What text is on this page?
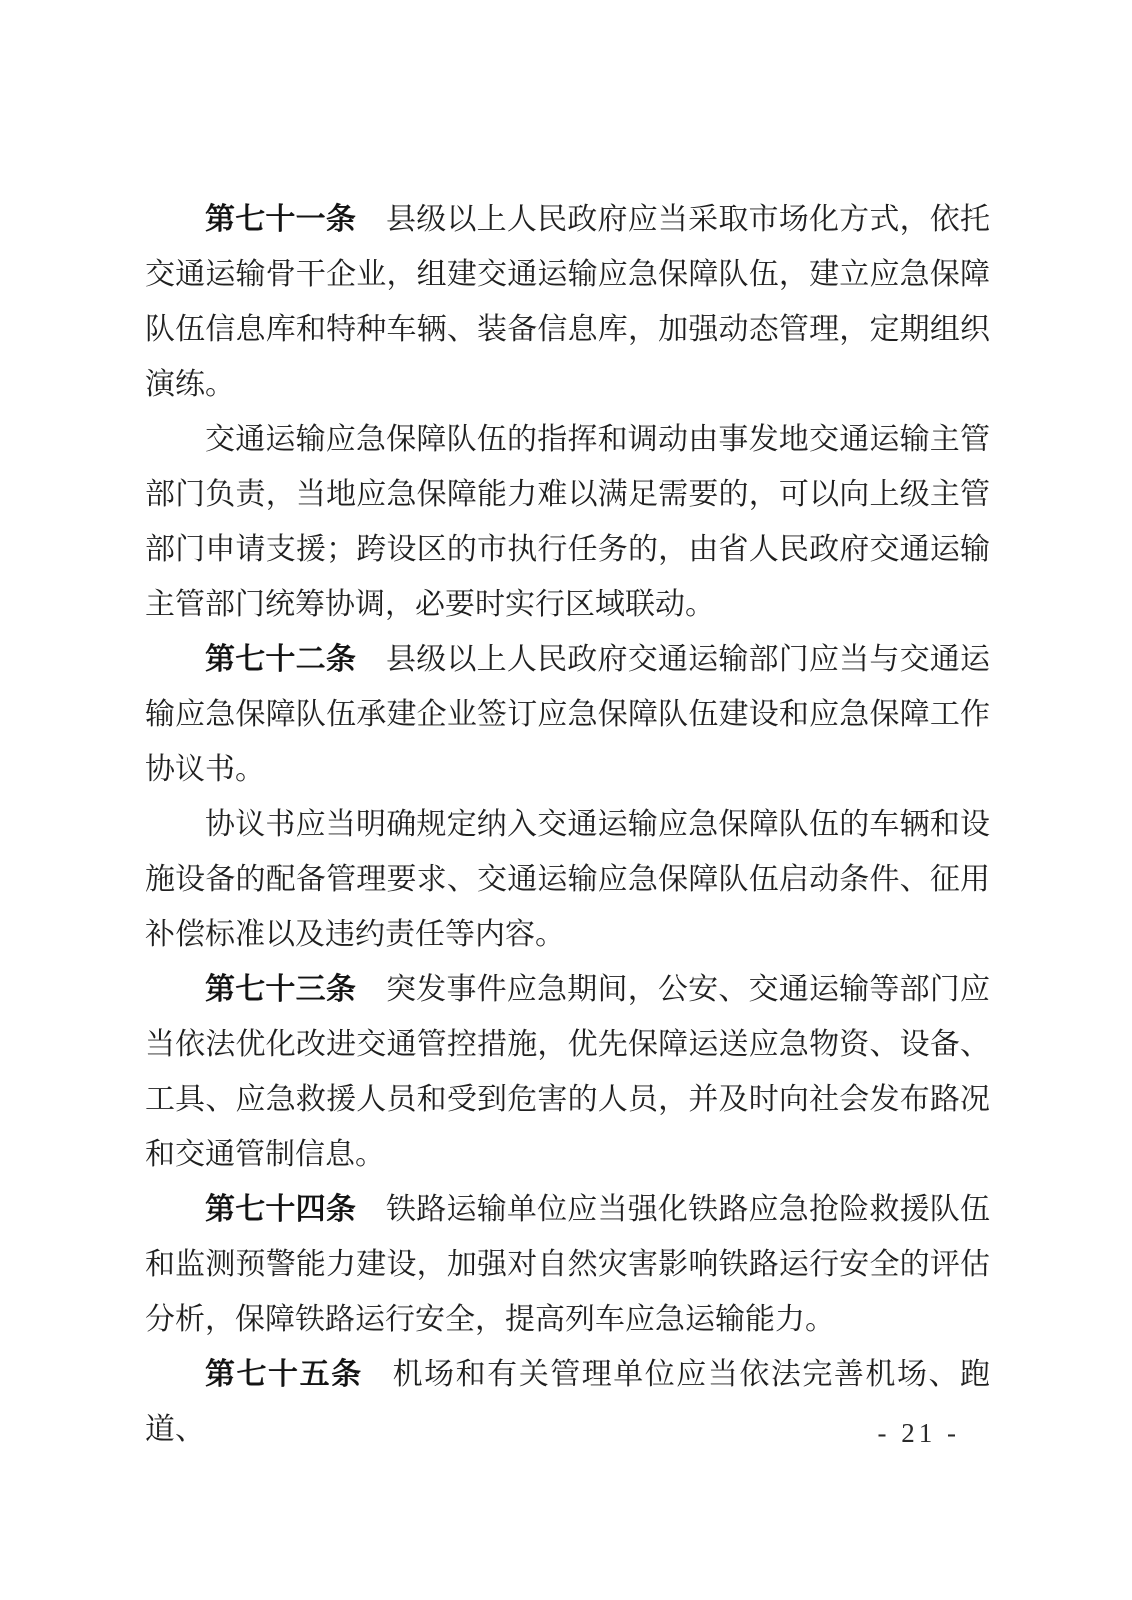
第七十一条 县级以上人民政府应当采取市场化方式，依托交通运输骨干企业，组建交通运输应急保障队伍，建立应急保障队伍信息库和特种车辆、装备信息库，加强动态管理，定期组织演练。

交通运输应急保障队伍的指挥和调动由事发地交通运输主管部门负责，当地应急保障能力难以满足需要的，可以向上级主管部门申请支援；跨设区的市执行任务的，由省人民政府交通运输主管部门统筹协调，必要时实行区域联动。

第七十二条 县级以上人民政府交通运输部门应当与交通运输应急保障队伍承建企业签订应急保障队伍建设和应急保障工作协议书。

协议书应当明确规定纳入交通运输应急保障队伍的车辆和设施设备的配备管理要求、交通运输应急保障队伍启动条件、征用补偿标准以及违约责任等内容。

第七十三条 突发事件应急期间，公安、交通运输等部门应当依法优化改进交通管控措施，优先保障运送应急物资、设备、工具、应急救援人员和受到危害的人员，并及时向社会发布路况和交通管制信息。

第七十四条 铁路运输单位应当强化铁路应急抢险救援队伍和监测预警能力建设，加强对自然灾害影响铁路运行安全的评估分析，保障铁路运行安全，提高列车应急运输能力。

第七十五条 机场和有关管理单位应当依法完善机场、跑道、	- 21 -
